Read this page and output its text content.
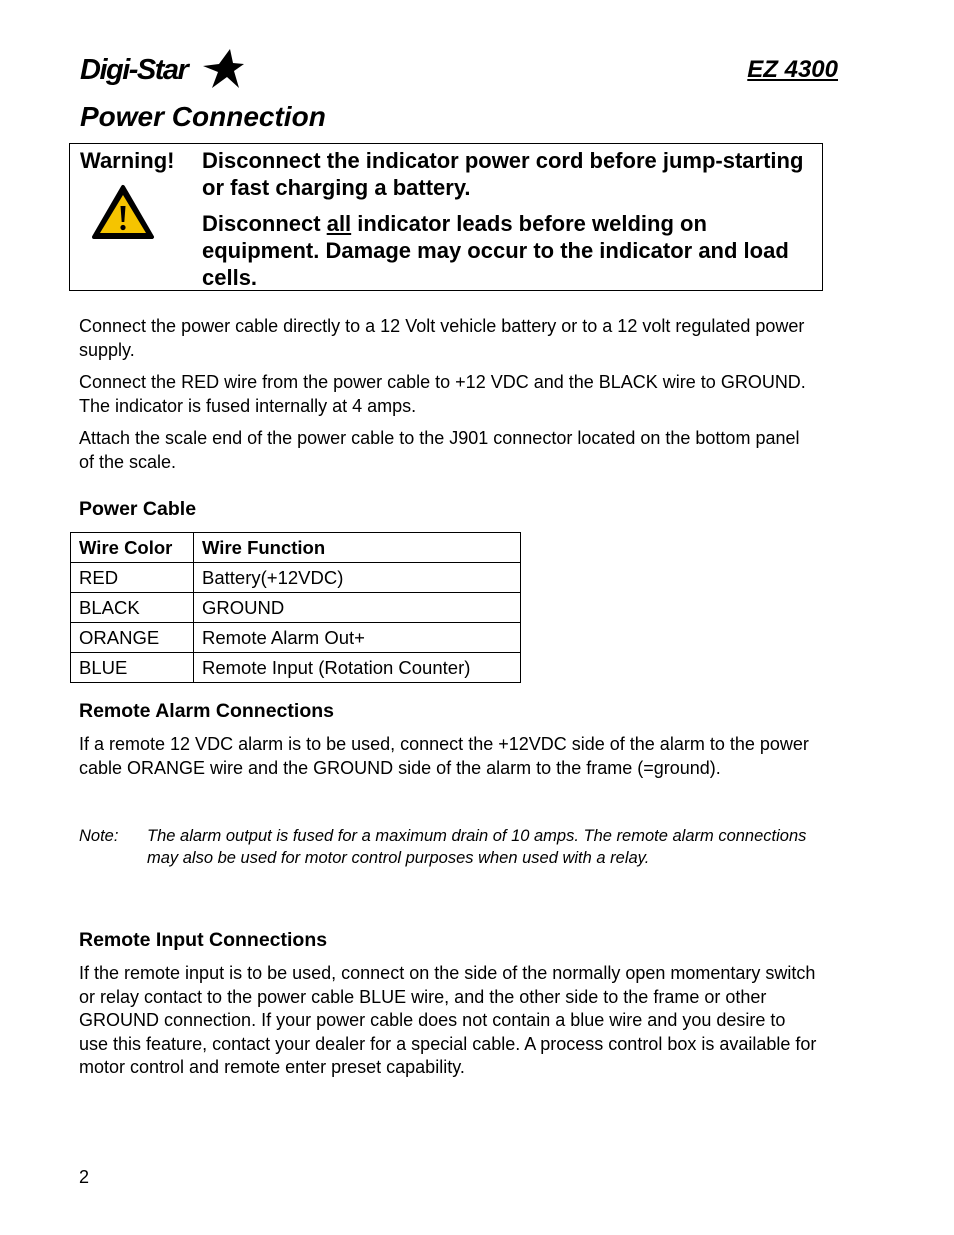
Digi-Star	EZ 4300
Power Connection
Warning! Disconnect the indicator power cord before jump-starting or fast charging a battery.

Disconnect all indicator leads before welding on equipment. Damage may occur to the indicator and load cells.

Connect the power cable directly to a 12 Volt vehicle battery or to a 12 volt regulated power supply.

Connect the RED wire from the power cable to +12 VDC and the BLACK wire to GROUND. The indicator is fused internally at 4 amps.

Attach the scale end of the power cable to the J901 connector located on the bottom panel of the scale.

Power Cable
Wire Color	Wire Function
RED	Battery(+12VDC)
BLACK	GROUND
ORANGE	Remote Alarm Out+
BLUE	Remote Input (Rotation Counter)
Remote Alarm Connections

If a remote 12 VDC alarm is to be used, connect the +12VDC side of the alarm to the power cable ORANGE wire and the GROUND side of the alarm to the frame (=ground).

Note: The alarm output is fused for a maximum drain of 10 amps. The remote alarm connections may also be used for motor control purposes when used with a relay.

Remote Input Connections

If the remote input is to be used, connect on the side of the normally open momentary switch or relay contact to the power cable BLUE wire, and the other side to the frame or other GROUND connection. If your power cable does not contain a blue wire and you desire to use this feature, contact your dealer for a special cable. A process control box is available for motor control and remote enter preset capability.

2
